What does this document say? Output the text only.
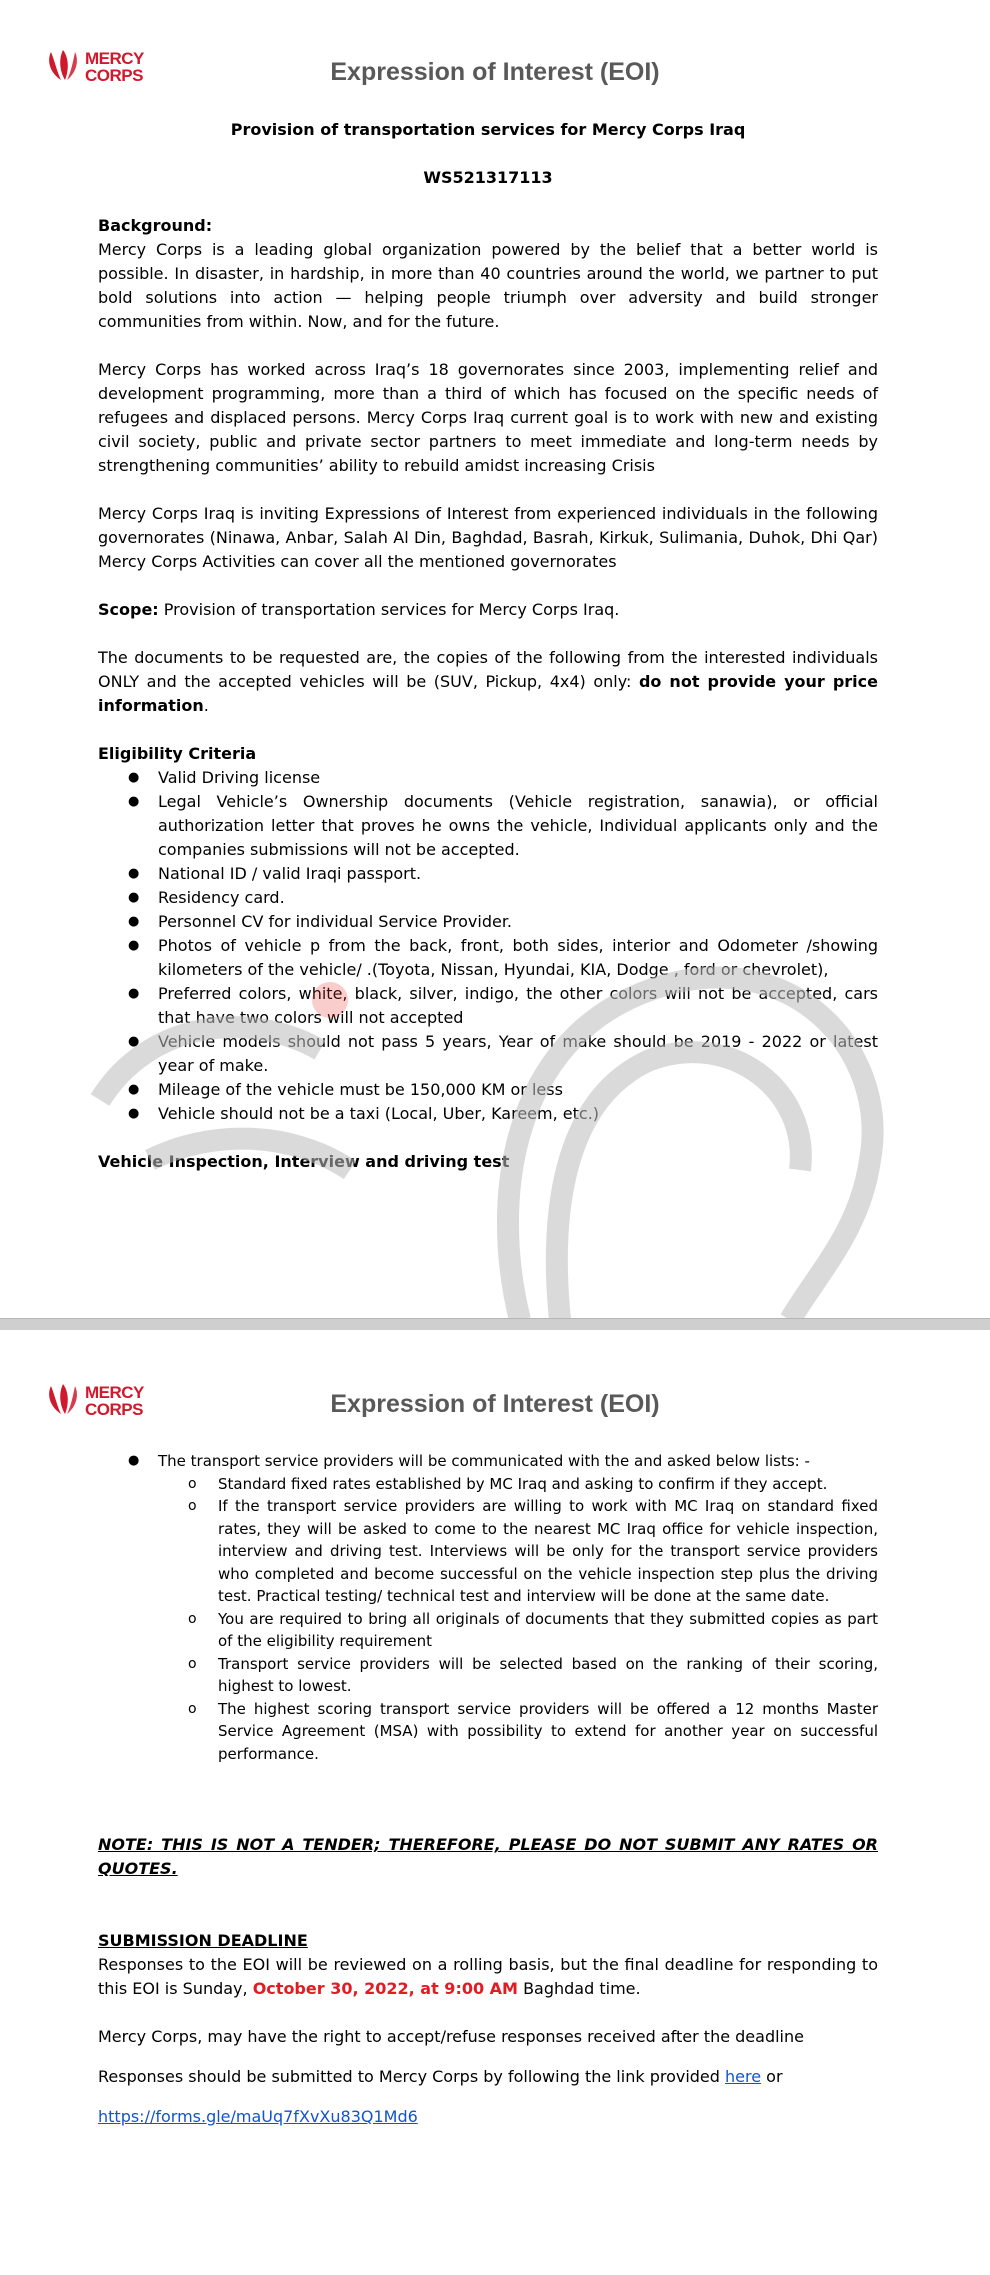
MERCY
CORPS	Expression of Interest (EOI)

Provision of transportation services for Mercy Corps Iraq

WS521317113

Background:

Mercy Corps is a leading global organization powered by the belief that a better world is possible. In disaster, in hardship, in more than 40 countries around the world, we partner to put bold solutions into action — helping people triumph over adversity and build stronger communities from within. Now, and for the future.

Mercy Corps has worked across Iraq’s 18 governorates since 2003, implementing relief and development programming, more than a third of which has focused on the specific needs of refugees and displaced persons. Mercy Corps Iraq current goal is to work with new and existing civil society, public and private sector partners to meet immediate and long-term needs by strengthening communities’ ability to rebuild amidst increasing Crisis

Mercy Corps Iraq is inviting Expressions of Interest from experienced individuals in the following governorates (Ninawa, Anbar, Salah Al Din, Baghdad, Basrah, Kirkuk, Sulimania, Duhok, Dhi Qar) Mercy Corps Activities can cover all the mentioned governorates

Scope: Provision of transportation services for Mercy Corps Iraq.

The documents to be requested are, the copies of the following from the interested individuals ONLY and the accepted vehicles will be (SUV, Pickup, 4x4) only: do not provide your price information.

Eligibility Criteria

● Valid Driving license
● Legal Vehicle’s Ownership documents (Vehicle registration, sanawia), or official authorization letter that proves he owns the vehicle, Individual applicants only and the companies submissions will not be accepted.
● National ID / valid Iraqi passport.
● Residency card.
● Personnel CV for individual Service Provider.
● Photos of vehicle p from the back, front, both sides, interior and Odometer /showing kilometers of the vehicle/ .(Toyota, Nissan, Hyundai, KIA, Dodge , ford or chevrolet),
● Preferred colors, white, black, silver, indigo, the other colors will not be accepted, cars that have two colors will not accepted
● Vehicle models should not pass 5 years, Year of make should be 2019 - 2022 or latest year of make.
● Mileage of the vehicle must be 150,000 KM or less
● Vehicle should not be a taxi (Local, Uber, Kareem, etc.)

Vehicle Inspection, Interview and driving test

MERCY
CORPS	Expression of Interest (EOI)
● The transport service providers will be communicated with the and asked below lists: -
o Standard fixed rates established by MC Iraq and asking to confirm if they accept.
o If the transport service providers are willing to work with MC Iraq on standard fixed rates, they will be asked to come to the nearest MC Iraq office for vehicle inspection, interview and driving test. Interviews will be only for the transport service providers who completed and become successful on the vehicle inspection step plus the driving test. Practical testing/ technical test and interview will be done at the same date.
o You are required to bring all originals of documents that they submitted copies as part of the eligibility requirement
o Transport service providers will be selected based on the ranking of their scoring, highest to lowest.
o The highest scoring transport service providers will be offered a 12 months Master Service Agreement (MSA) with possibility to extend for another year on successful performance.

NOTE: THIS IS NOT A TENDER; THEREFORE, PLEASE DO NOT SUBMIT ANY RATES OR QUOTES.

SUBMISSION DEADLINE

Responses to the EOI will be reviewed on a rolling basis, but the final deadline for responding to this EOI is Sunday, October 30, 2022, at 9:00 AM Baghdad time.

Mercy Corps, may have the right to accept/refuse responses received after the deadline

Responses should be submitted to Mercy Corps by following the link provided here or

https://forms.gle/maUq7fXvXu83Q1Md6
